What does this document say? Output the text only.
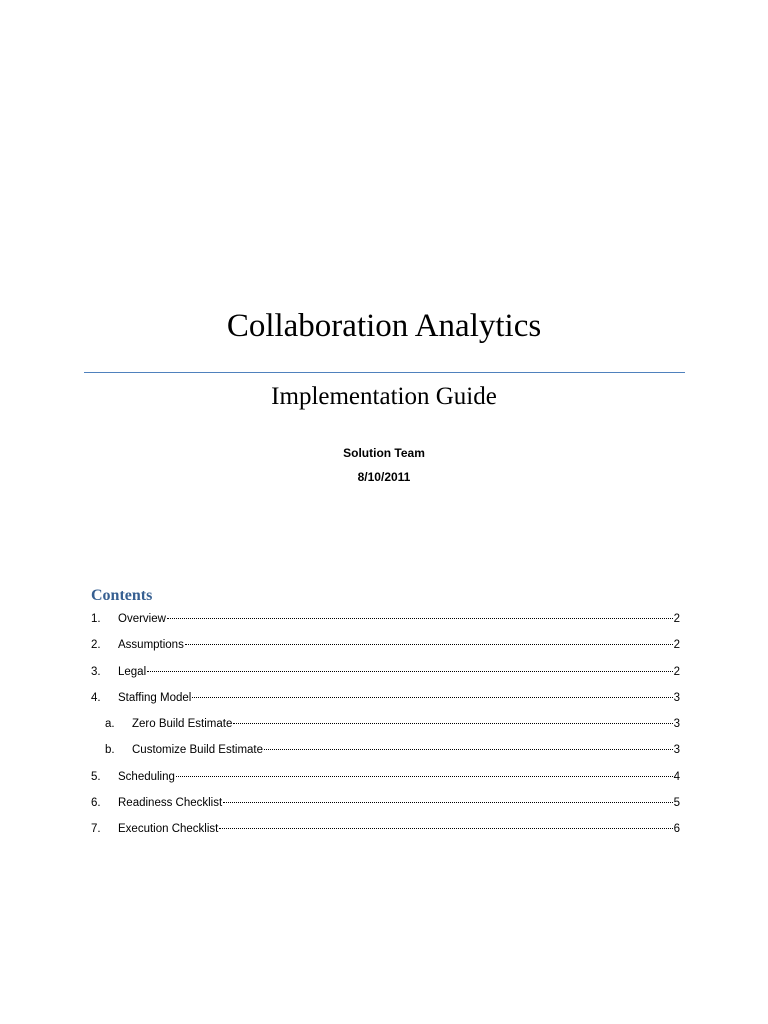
Collaboration Analytics
Implementation Guide
Solution Team
8/10/2011
Contents
1.	Overview	2
2.	Assumptions	2
3.	Legal	2
4.	Staffing Model	3
a.	Zero Build Estimate	3
b.	Customize Build Estimate	3
5.	Scheduling	4
6.	Readiness Checklist	5
7.	Execution Checklist	6
